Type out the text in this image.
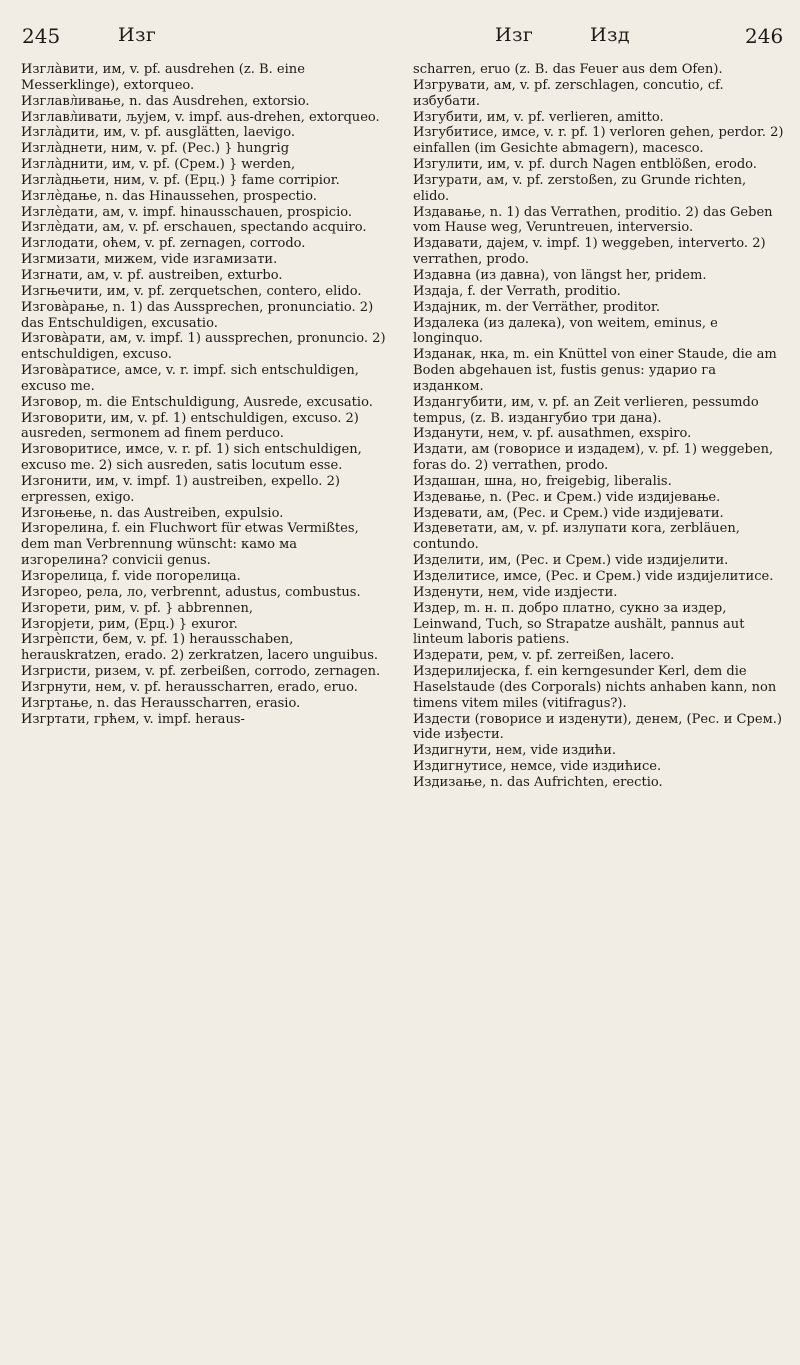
245	Изг	Изг	Изд	246

Изгла̀вити, им, v. pf. ausdrehen (z. B. eine Messerklinge), extorqueo.

Изглавл̀ивање, n. das Ausdrehen, extorsio.

Изглавл̀ивати, љујем, v. impf. aus-drehen, extorqueo.

Изгла̀дити, им, v. pf. ausglätten, laevigo.

Изгла̀днети, ним, v. pf. (Рес.) } hungrig

Изгла̀днити, им, v. pf. (Срем.) } werden,

Изгла̀дњети, ним, v. pf. (Ерц.) } fame corripior.

Изглѐдање, n. das Hinaussehen, prospectio.

Изглѐдати, ам, v. impf. hinausschauen, prospicio.

Изглѐдати, ам, v. pf. erschauen, spectando acquiro.

Изглодати, оћем, v. pf. zernagen, corrodo.

Изгмизати, мижем, vide изгамизати.

Изгнати, ам, v. pf. austreiben, exturbo.

Изгњечити, им, v. pf. zerquetschen, contero, elido.

Изгова̀рање, n. 1) das Aussprechen, pronunciatio. 2) das Entschuldigen, excusatio.

Изгова̀рати, ам, v. impf. 1) aussprechen, pronuncio. 2) entschuldigen, excuso.

Изгова̀ратисе, амсе, v. r. impf. sich entschuldigen, excuso me.

Изговор, m. die Entschuldigung, Ausrede, excusatio.

Изговорити, им, v. pf. 1) entschuldigen, excuso. 2) ausreden, sermonem ad finem perduco.

Изговоритисе, имсе, v. r. pf. 1) sich entschuldigen, excuso me. 2) sich ausreden, satis locutum esse.

Изгонити, им, v. impf. 1) austreiben, expello. 2) erpressen, exigo.

Изгоњење, n. das Austreiben, expulsio.

Изгорелина, f. ein Fluchwort für etwas Vermißtes, dem man Verbrennung wünscht: камо ма изгорелина? convicii genus.

Изгорелица, f. vide погорелица.

Изгорео, рела, ло, verbrennt, adustus, combustus.

Изгорети, рим, v. pf. } abbrennen,

Изгорјети, рим, (Ерц.) } exuror.

Изгрѐпсти, бем, v. pf. 1) herausschaben, herauskratzen, erado. 2) zerkratzen, lacero unguibus.

Изгристи, ризем, v. pf. zerbeißen, corrodo, zernagen.

Изгрнути, нем, v. pf. herausscharren, erado, eruo.

Изгртање, n. das Herausscharren, erasio.

Изгртати, грћем, v. impf. heraus-

scharren, eruo (z. B. das Feuer aus dem Ofen).

Изгрувати, ам, v. pf. zerschlagen, concutio, cf. избубати.

Изгубити, им, v. pf. verlieren, amitto.

Изгубитисе, имсе, v. r. pf. 1) verloren gehen, perdor. 2) einfallen (im Gesichte abmagern), macesco.

Изгулити, им, v. pf. durch Nagen entblößen, erodo.

Изгурати, ам, v. pf. zerstoßen, zu Grunde richten, elido.

Издавање, n. 1) das Verrathen, proditio. 2) das Geben vom Hause weg, Veruntreuen, interversio.

Издавати, дајем, v. impf. 1) weggeben, interverto. 2) verrathen, prodo.

Издавна (из давна), von längst her, pridem.

Издаја, f. der Verrath, proditio.

Издајник, m. der Verräther, proditor.

Издалека (из далека), von weitem, eminus, e longinquo.

Изданак, нка, m. ein Knüttel von einer Staude, die am Boden abgehauen ist, fustis genus: ударио га изданком.

Издангубити, им, v. pf. an Zeit verlieren, pessumdo tempus, (z. B. издангубио три дана).

Изданути, нем, v. pf. ausathmen, exspiro.

Издати, ам (говорисе и издадем), v. pf. 1) weggeben, foras do. 2) verrathen, prodo.

Издашан, шна, но, freigebig, liberalis.

Издевање, n. (Рес. и Срем.) vide издијевање.

Издевати, ам, (Рес. и Срем.) vide издијевати.

Издеветати, ам, v. pf. излупати кога, zerbläuen, contundo.

Изделити, им, (Рес. и Срем.) vide издијелити.

Изделитисе, имсе, (Рес. и Срем.) vide издијелитисе.

Изденути, нем, vide издјести.

Издер, m. н. п. добро платно, сукно за издер, Leinwand, Tuch, so Strapatze aushält, pannus aut linteum laboris patiens.

Издерати, рем, v. pf. zerreißen, lacero.

Издерилијеска, f. ein kerngesunder Kerl, dem die Haselstaude (des Corporals) nichts anhaben kann, non timens vitem miles (vitifragus?).

Издести (говорисе и изденути), денем, (Рес. и Срем.) vide изђести.

Издигнути, нем, vide издићи.

Издигнутисе, немсе, vide издићисе.

Издизање, n. das Aufrichten, erectio.
